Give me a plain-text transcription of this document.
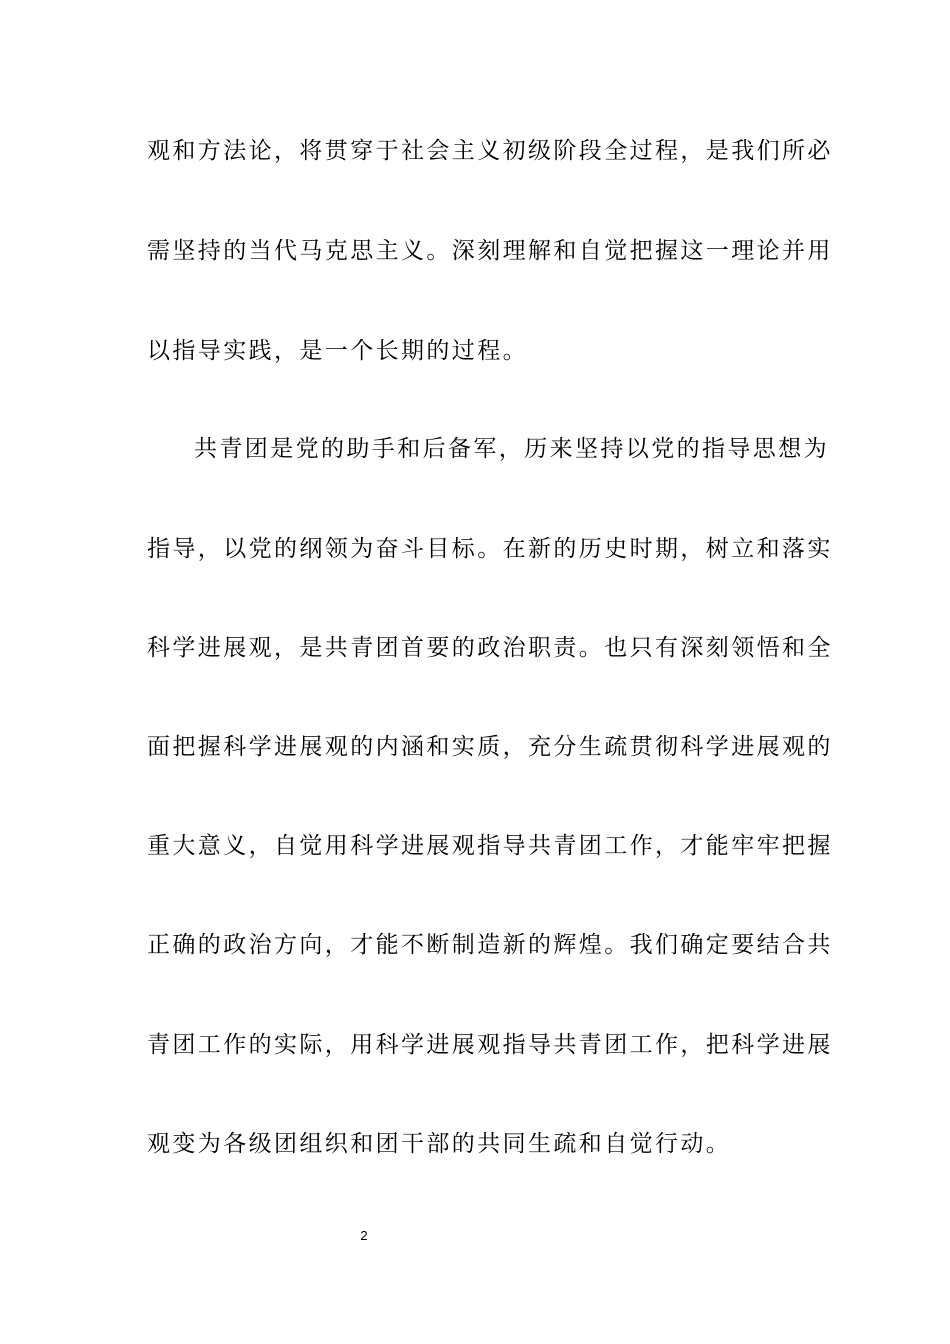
观和方法论，将贯穿于社会主义初级阶段全过程，是我们所必
需坚持的当代马克思主义。深刻理解和自觉把握这一理论并用
以指导实践，是一个长期的过程。
共青团是党的助手和后备军，历来坚持以党的指导思想为
指导，以党的纲领为奋斗目标。在新的历史时期，树立和落实
科学进展观，是共青团首要的政治职责。也只有深刻领悟和全
面把握科学进展观的内涵和实质，充分生疏贯彻科学进展观的
重大意义，自觉用科学进展观指导共青团工作，才能牢牢把握
正确的政治方向，才能不断制造新的辉煌。我们确定要结合共
青团工作的实际，用科学进展观指导共青团工作，把科学进展
观变为各级团组织和团干部的共同生疏和自觉行动。
2
